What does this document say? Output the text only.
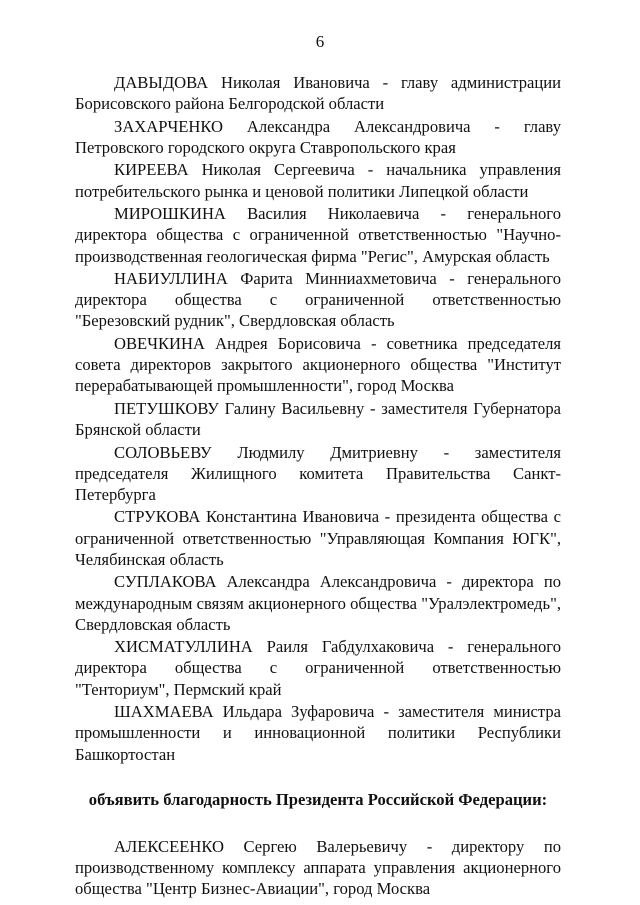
6

ДАВЫДОВА Николая Ивановича - главу администрации Борисовского района Белгородской области

ЗАХАРЧЕНКО Александра Александровича - главу Петровского городского округа Ставропольского края

КИРЕЕВА Николая Сергеевича - начальника управления потребительского рынка и ценовой политики Липецкой области

МИРОШКИНА Василия Николаевича - генерального директора общества с ограниченной ответственностью "Научно-производственная геологическая фирма "Регис", Амурская область

НАБИУЛЛИНА Фарита Минниахметовича - генерального директора общества с ограниченной ответственностью "Березовский рудник", Свердловская область

ОВЕЧКИНА Андрея Борисовича - советника председателя совета директоров закрытого акционерного общества "Институт перерабатывающей промышленности", город Москва

ПЕТУШКОВУ Галину Васильевну - заместителя Губернатора Брянской области

СОЛОВЬЕВУ Людмилу Дмитриевну - заместителя председателя Жилищного комитета Правительства Санкт-Петербурга

СТРУКОВА Константина Ивановича - президента общества с ограниченной ответственностью "Управляющая Компания ЮГК", Челябинская область

СУПЛАКОВА Александра Александровича - директора по международным связям акционерного общества "Уралэлектромедь", Свердловская область

ХИСМАТУЛЛИНА Раиля Габдулхаковича - генерального директора общества с ограниченной ответственностью "Тенториум", Пермский край

ШАХМАЕВА Ильдара Зуфаровича - заместителя министра промышленности и инновационной политики Республики Башкортостан

объявить благодарность Президента Российской Федерации:

АЛЕКСЕЕНКО Сергею Валерьевичу - директору по производственному комплексу аппарата управления акционерного общества "Центр Бизнес-Авиации", город Москва
